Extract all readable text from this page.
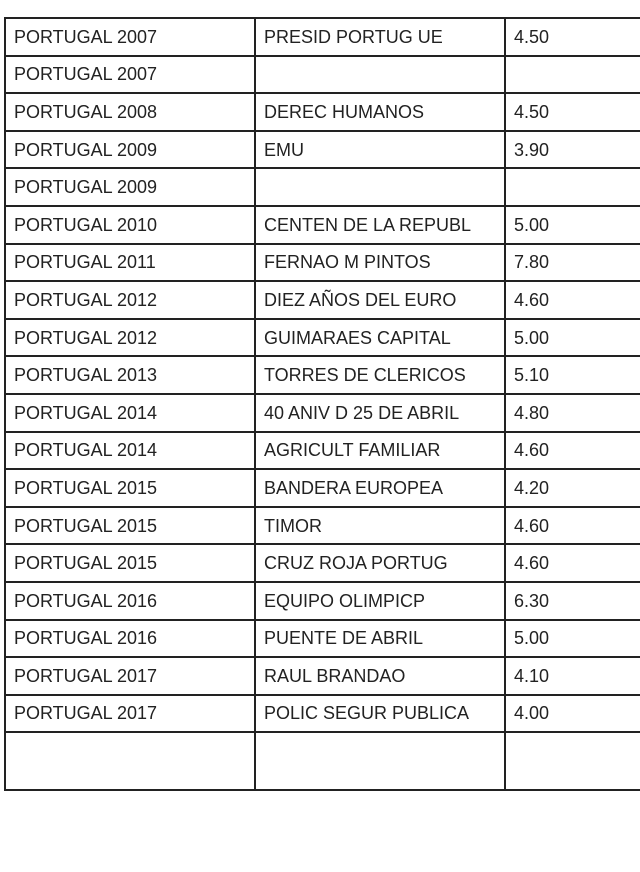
PORTUGAL 2007	PRESID PORTUG UE	4.50
PORTUGAL 2007		
PORTUGAL 2008	DEREC HUMANOS	4.50
PORTUGAL 2009	EMU	3.90
PORTUGAL 2009		
PORTUGAL 2010	CENTEN DE LA REPUBL	5.00
PORTUGAL 2011	FERNAO M PINTOS	7.80
PORTUGAL 2012	DIEZ AÑOS DEL EURO	4.60
PORTUGAL 2012	GUIMARAES CAPITAL	5.00
PORTUGAL 2013	TORRES DE CLERICOS	5.10
PORTUGAL 2014	40 ANIV D 25 DE ABRIL	4.80
PORTUGAL 2014	AGRICULT FAMILIAR	4.60
PORTUGAL 2015	BANDERA EUROPEA	4.20
PORTUGAL 2015	TIMOR	4.60
PORTUGAL 2015	CRUZ ROJA PORTUG	4.60
PORTUGAL 2016	EQUIPO OLIMPICP	6.30
PORTUGAL 2016	PUENTE DE ABRIL	5.00
PORTUGAL 2017	RAUL BRANDAO	4.10
PORTUGAL 2017	POLIC SEGUR PUBLICA	4.00
